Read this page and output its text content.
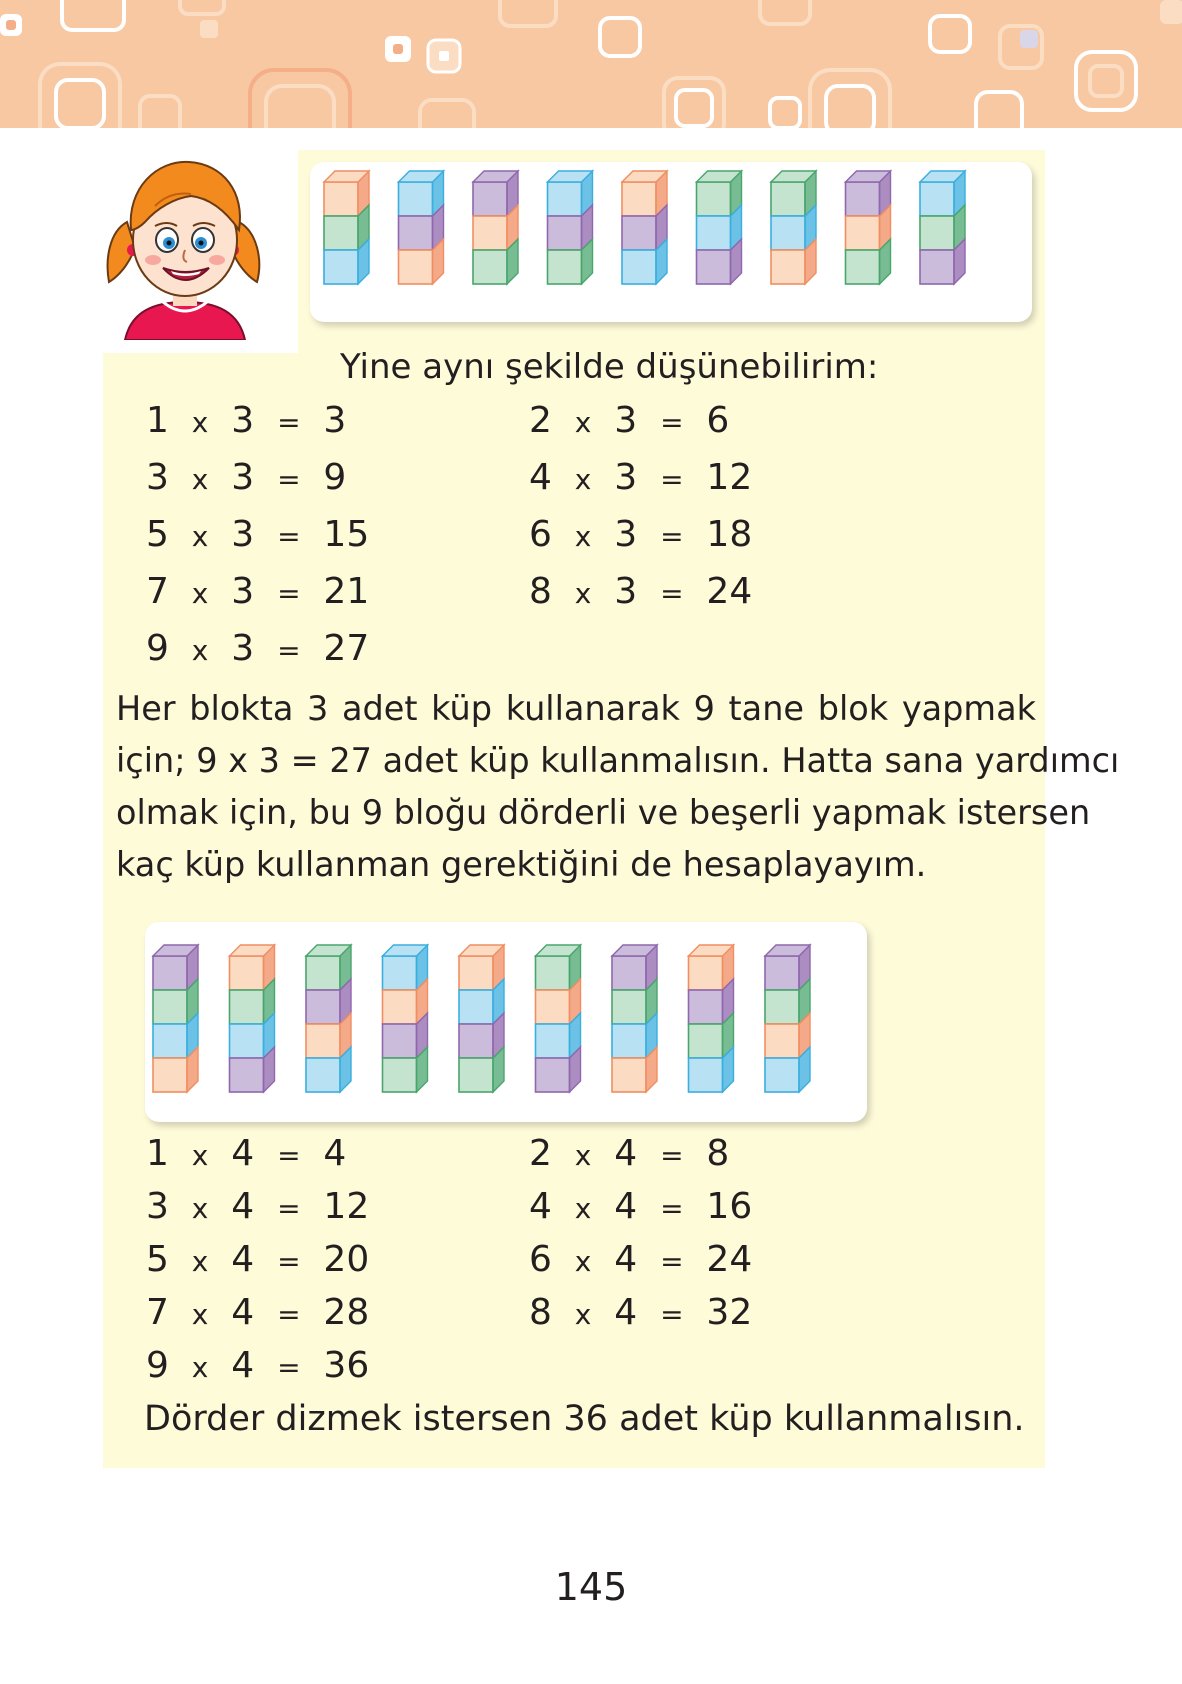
Yine aynı şekilde düşünebilirim:
1 x 3 = 3	2 x 3 = 6
3 x 3 = 9	4 x 3 = 12
5 x 3 = 15	6 x 3 = 18
7 x 3 = 21	8 x 3 = 24
9 x 3 = 27
Her blokta 3 adet küp kullanarak 9 tane blok yapmak
için; 9 x 3 = 27 adet küp kullanmalısın. Hatta sana yardımcı
olmak için, bu 9 bloğu dörderli ve beşerli yapmak istersen
kaç küp kullanman gerektiğini de hesaplayayım.
1 x 4 = 4	2 x 4 = 8
3 x 4 = 12	4 x 4 = 16
5 x 4 = 20	6 x 4 = 24
7 x 4 = 28	8 x 4 = 32
9 x 4 = 36
Dörder dizmek istersen 36 adet küp kullanmalısın.
145
